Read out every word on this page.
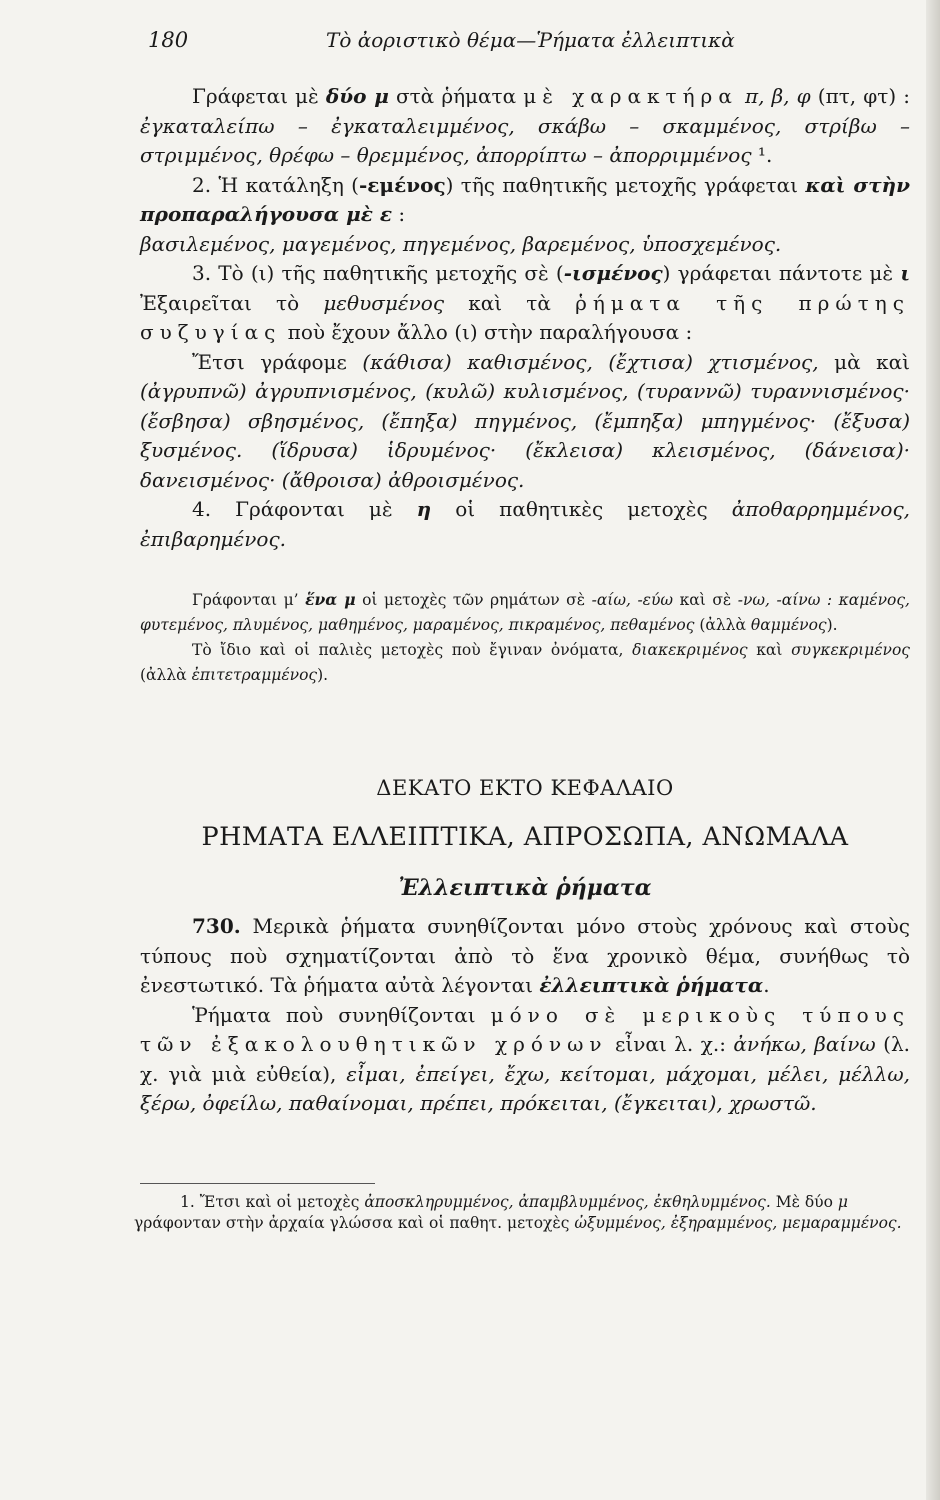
180	Τὸ ἀοριστικὸ θέμα—Ῥήματα ἐλλειπτικὰ

Γράφεται μὲ δύο μ στὰ ῥήματα μὲ χαρακτήρα π, β, φ (πτ, φτ) : ἐγκαταλείπω – ἐγκαταλειμμένος, σκάβω – σκαμμένος, στρίβω – στριμμένος, θρέφω – θρεμμένος, ἀπορρίπτω – ἀπορριμμένος ¹.

2. Ἡ κατάληξη (-εμένος) τῆς παθητικῆς μετοχῆς γράφεται καὶ στὴν προπαραλήγουσα μὲ ε :

βασιλεμένος, μαγεμένος, πηγεμένος, βαρεμένος, ὑποσχεμένος.

3. Τὸ (ι) τῆς παθητικῆς μετοχῆς σὲ (-ισμένος) γράφεται πάντοτε μὲ ι Ἐξαιρεῖται τὸ μεθυσμένος καὶ τὰ ῥήματα τῆς πρώτης συζυγίας ποὺ ἔχουν ἄλλο (ι) στὴν παραλήγουσα :

Ἔτσι γράφομε (κάθισα) καθισμένος, (ἔχτισα) χτισμένος, μὰ καὶ (ἀγρυπνῶ) ἀγρυπνισμένος, (κυλῶ) κυλισμένος, (τυραννῶ) τυραννισμένος· (ἔσβησα) σβησμένος, (ἔπηξα) πηγμένος, (ἔμπηξα) μπηγμένος· (ἔξυσα) ξυσμένος. (ἵδρυσα) ἱδρυμένος· (ἔκλεισα) κλεισμένος, (δάνεισα)· δανεισμένος· (ἄθροισα) ἀθροισμένος.

4. Γράφονται μὲ η οἱ παθητικὲς μετοχὲς ἀποθαρρημμένος, ἐπιβαρημένος.

Γράφονται μ’ ἕνα μ οἱ μετοχὲς τῶν ρημάτων σὲ -αίω, -εύω καὶ σὲ -νω, -αίνω : καμένος, φυτεμένος, πλυμένος, μαθημένος, μαραμένος, πικραμένος, πεθαμένος (ἀλλὰ θαμμένος).

Τὸ ἴδιο καὶ οἱ παλιὲς μετοχὲς ποὺ ἔγιναν ὀνόματα, διακεκριμένος καὶ συγκεκριμένος (ἀλλὰ ἐπιτετραμμένος).

ΔΕΚΑΤΟ ΕΚΤΟ ΚΕΦΑΛΑΙΟ
ΡΗΜΑΤΑ ΕΛΛΕΙΠΤΙΚΑ, ΑΠΡΟΣΩΠΑ, ΑΝΩΜΑΛΑ
Ἐλλειπτικὰ ῥήματα

730. Μερικὰ ῥήματα συνηθίζονται μόνο στοὺς χρόνους καὶ στοὺς τύπους ποὺ σχηματίζονται ἀπὸ τὸ ἕνα χρονικὸ θέμα, συνήθως τὸ ἐνεστωτικό. Τὰ ῥήματα αὐτὰ λέγονται ἐλλειπτικὰ ῥήματα.

Ῥήματα ποὺ συνηθίζονται μόνο σὲ μερικοὺς τύπους τῶν ἐξακολουθητικῶν χρόνων εἶναι λ. χ.: ἀνήκω, βαίνω (λ. χ. γιὰ μιὰ εὐθεία), εἶμαι, ἐπείγει, ἔχω, κείτομαι, μάχομαι, μέλει, μέλλω, ξέρω, ὀφείλω, παθαίνομαι, πρέπει, πρόκειται, (ἔγκειται), χρωστῶ.

1. Ἔτσι καὶ οἱ μετοχὲς ἀποσκληρυμμένος, ἀπαμβλυμμένος, ἐκθηλυμμένος. Μὲ δύο μ γράφονταν στὴν ἀρχαία γλώσσα καὶ οἱ παθητ. μετοχὲς ὠξυμμένος, ἐξηραμμένος, μεμαραμμένος.
